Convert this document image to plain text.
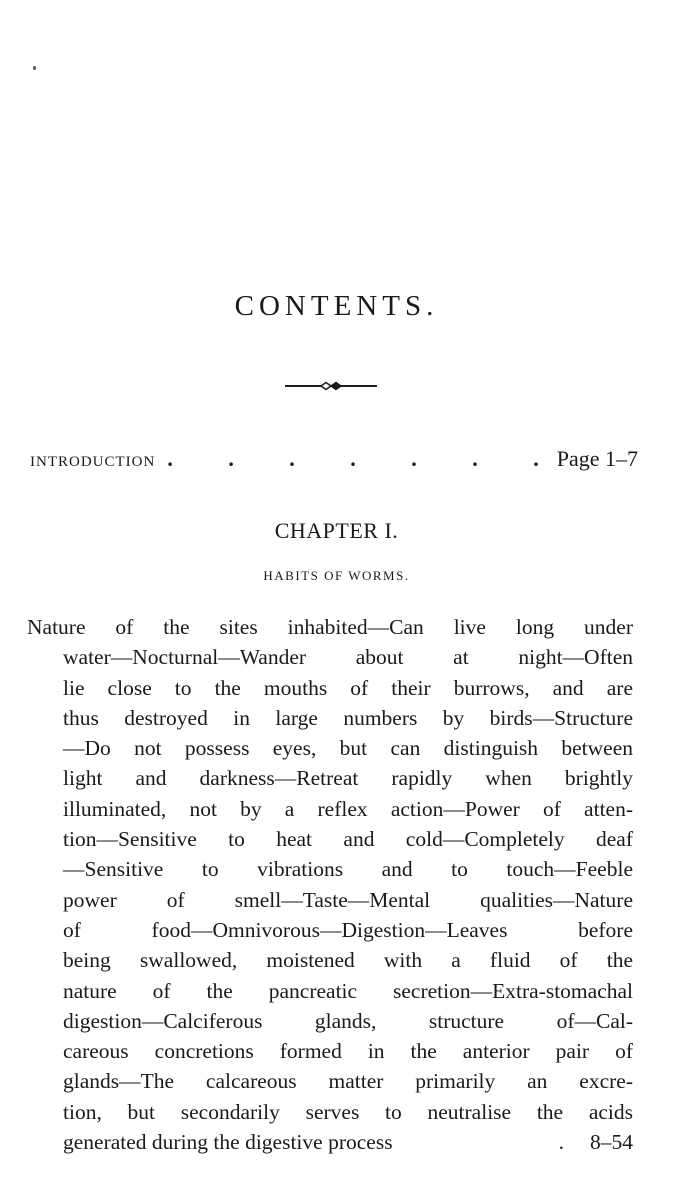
CONTENTS.
INTRODUCTION .	.	.	.	.	.	. Page 1–7
CHAPTER I.
HABITS OF WORMS.
Nature of the sites inhabited—Can live long under
water—Nocturnal—Wander about at night—Often
lie close to the mouths of their burrows, and are
thus destroyed in large numbers by birds—Structure
—Do not possess eyes, but can distinguish between
light and darkness—Retreat rapidly when brightly
illuminated, not by a reflex action—Power of atten-
tion—Sensitive to heat and cold—Completely deaf
—Sensitive to vibrations and to touch—Feeble
power of smell—Taste—Mental qualities—Nature
of food—Omnivorous—Digestion—Leaves before
being swallowed, moistened with a fluid of the
nature of the pancreatic secretion—Extra-stomachal
digestion—Calciferous glands, structure of—Cal-
careous concretions formed in the anterior pair of
glands—The calcareous matter primarily an excre-
tion, but secondarily serves to neutralise the acids
generated during the digestive process	. 8–54
